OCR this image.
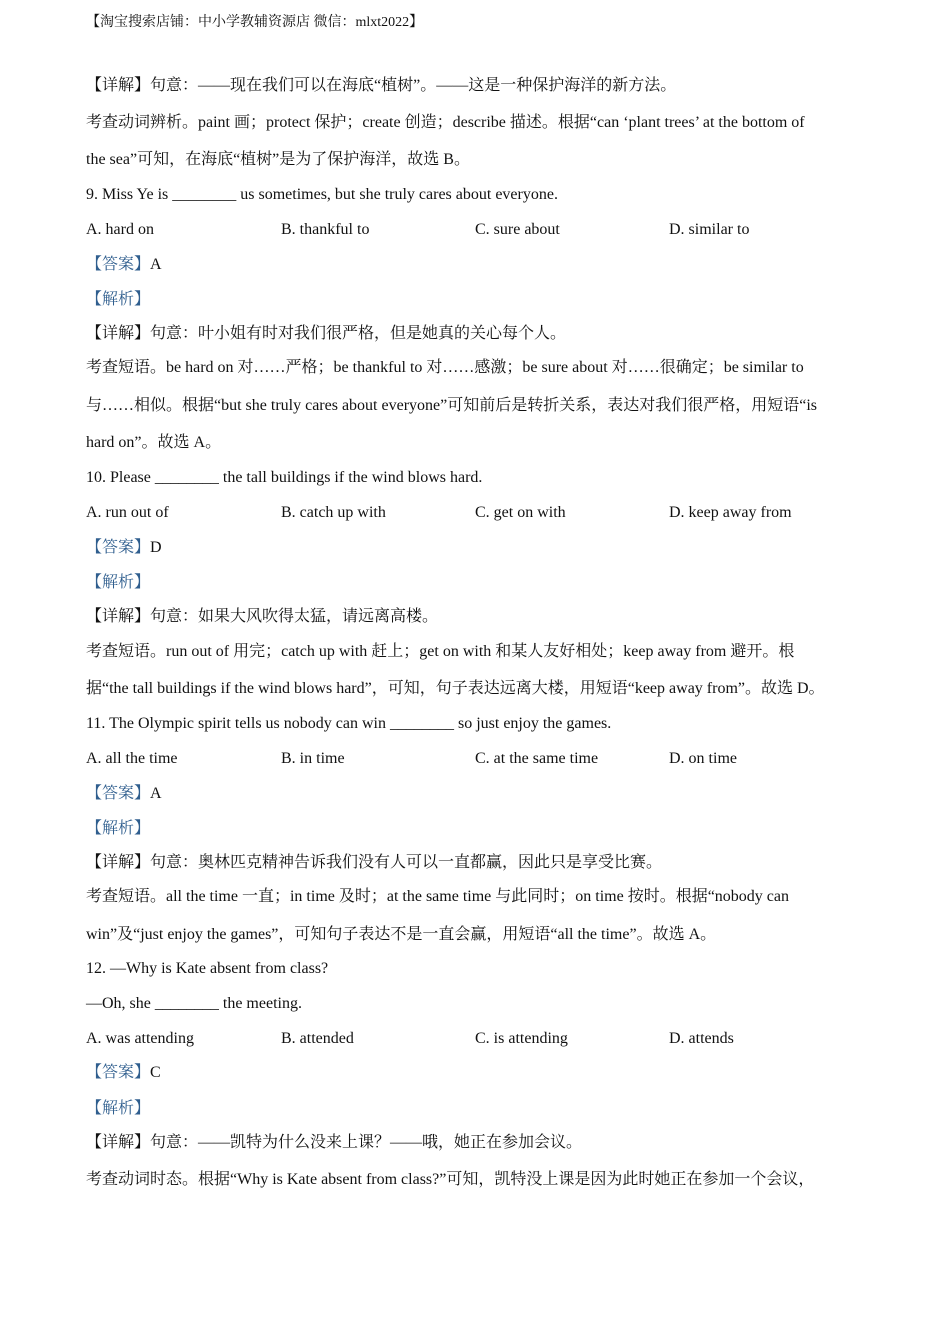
【淘宝搜索店铺：中小学教辅资源店 微信：mlxt2022】
【详解】句意：——现在我们可以在海底“植树”。——这是一种保护海洋的新方法。
考查动词辨析。paint 画；protect 保护；create 创造；describe 描述。根据“can ‘plant trees’ at the bottom of
the sea”可知，在海底“植树”是为了保护海洋，故选 B。
9. Miss Ye is ________ us sometimes, but she truly cares about everyone.
A. hard on	B. thankful to	C. sure about	D. similar to
【答案】A
【解析】
【详解】句意：叶小姐有时对我们很严格，但是她真的关心每个人。
考查短语。be hard on 对……严格；be thankful to 对……感激；be sure about 对……很确定；be similar to
与……相似。根据“but she truly cares about everyone”可知前后是转折关系，表达对我们很严格，用短语“is
hard on”。故选 A。
10. Please ________ the tall buildings if the wind blows hard.
A. run out of	B. catch up with	C. get on with	D. keep away from
【答案】D
【解析】
【详解】句意：如果大风吹得太猛，请远离高楼。
考查短语。run out of 用完；catch up with 赶上；get on with 和某人友好相处；keep away from 避开。根
据“the tall buildings if the wind blows hard”，可知，句子表达远离大楼，用短语“keep away from”。故选 D。
11. The Olympic spirit tells us nobody can win ________ so just enjoy the games.
A. all the time	B. in time	C. at the same time	D. on time
【答案】A
【解析】
【详解】句意：奥林匹克精神告诉我们没有人可以一直都赢，因此只是享受比赛。
考查短语。all the time 一直；in time 及时；at the same time 与此同时；on time 按时。根据“nobody can
win”及“just enjoy the games”，可知句子表达不是一直会赢，用短语“all the time”。故选 A。
12. —Why is Kate absent from class?
—Oh, she ________ the meeting.
A. was attending	B. attended	C. is attending	D. attends
【答案】C
【解析】
【详解】句意：——凯特为什么没来上课？——哦，她正在参加会议。
考查动词时态。根据“Why is Kate absent from class?”可知，凯特没上课是因为此时她正在参加一个会议，
